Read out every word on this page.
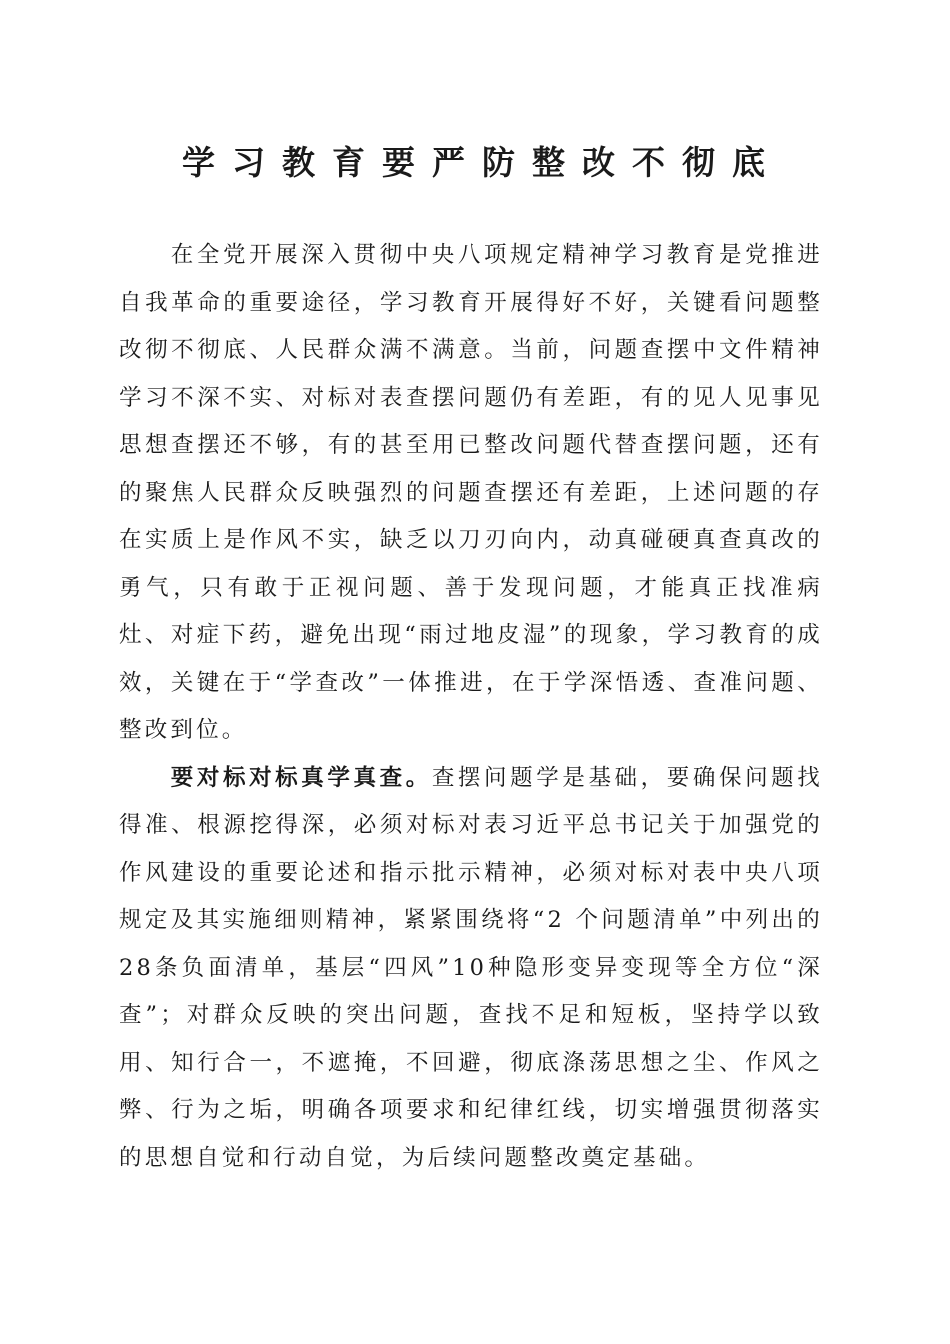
学习教育要严防整改不彻底

在全党开展深入贯彻中央八项规定精神学习教育是党推进自我革命的重要途径，学习教育开展得好不好，关键看问题整改彻不彻底、人民群众满不满意。当前，问题查摆中文件精神学习不深不实、对标对表查摆问题仍有差距，有的见人见事见思想查摆还不够，有的甚至用已整改问题代替查摆问题，还有的聚焦人民群众反映强烈的问题查摆还有差距，上述问题的存在实质上是作风不实，缺乏以刀刃向内，动真碰硬真查真改的勇气，只有敢于正视问题、善于发现问题，才能真正找准病灶、对症下药，避免出现“雨过地皮湿”的现象，学习教育的成效，关键在于“学查改”一体推进，在于学深悟透、查准问题、整改到位。

要对标对标真学真查。查摆问题学是基础，要确保问题找得准、根源挖得深，必须对标对表习近平总书记关于加强党的作风建设的重要论述和指示批示精神，必须对标对表中央八项规定及其实施细则精神，紧紧围绕将“2 个问题清单”中列出的28条负面清单，基层“四风”10种隐形变异变现等全方位“深查”；对群众反映的突出问题，查找不足和短板，坚持学以致用、知行合一，不遮掩，不回避，彻底涤荡思想之尘、作风之弊、行为之垢，明确各项要求和纪律红线，切实增强贯彻落实的思想自觉和行动自觉，为后续问题整改奠定基础。
